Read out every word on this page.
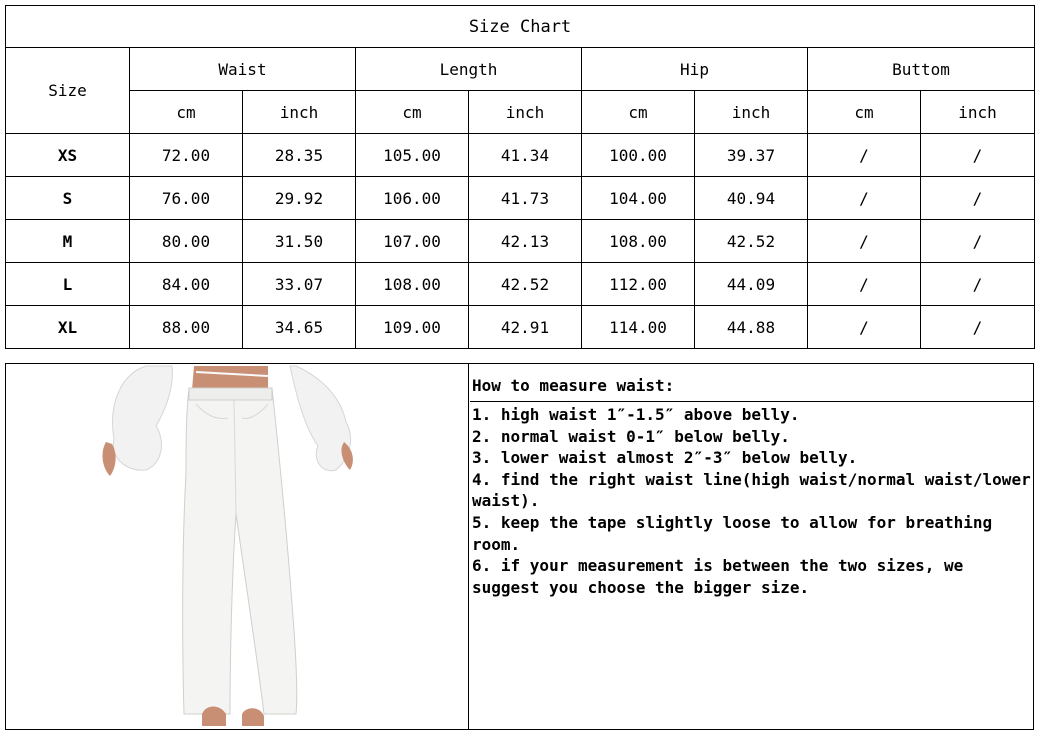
Size Chart								
Size	Waist		Length		Hip		Buttom	
	cm	inch	cm	inch	cm	inch	cm	inch
XS	72.00	28.35	105.00	41.34	100.00	39.37	/	/
S	76.00	29.92	106.00	41.73	104.00	40.94	/	/
M	80.00	31.50	107.00	42.13	108.00	42.52	/	/
L	84.00	33.07	108.00	42.52	112.00	44.09	/	/
XL	88.00	34.65	109.00	42.91	114.00	44.88	/	/
How to measure waist:
1. high waist 1″-1.5″ above belly.
2. normal waist 0-1″ below belly.
3. lower waist almost 2″-3″ below belly.
4. find the right waist line(high waist/normal waist/lower waist).
5. keep the tape slightly loose to allow for breathing room.
6. if your measurement is between the two sizes, we suggest you choose the bigger size.
